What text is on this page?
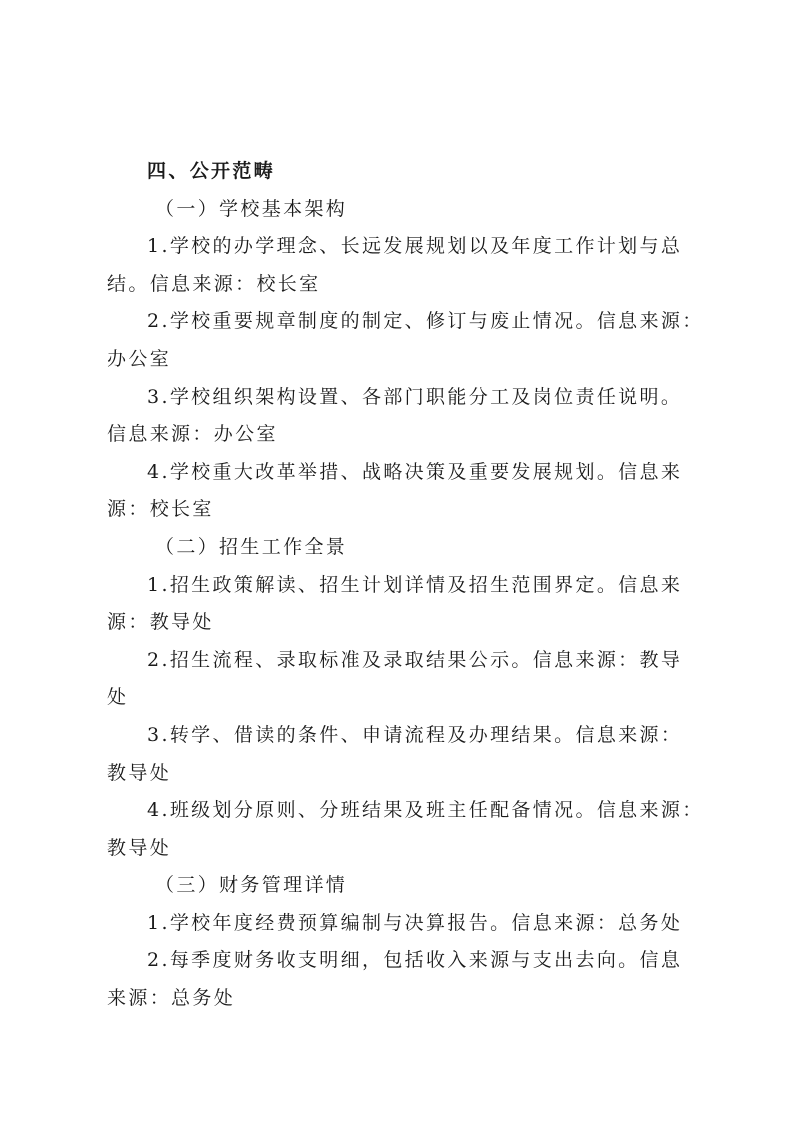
四、公开范畴
（一）学校基本架构
1.学校的办学理念、长远发展规划以及年度工作计划与总
结。信息来源：校长室
2.学校重要规章制度的制定、修订与废止情况。信息来源：
办公室
3.学校组织架构设置、各部门职能分工及岗位责任说明。
信息来源：办公室
4.学校重大改革举措、战略决策及重要发展规划。信息来
源：校长室
（二）招生工作全景
1.招生政策解读、招生计划详情及招生范围界定。信息来
源：教导处
2.招生流程、录取标准及录取结果公示。信息来源：教导
处
3.转学、借读的条件、申请流程及办理结果。信息来源：
教导处
4.班级划分原则、分班结果及班主任配备情况。信息来源：
教导处
（三）财务管理详情
1.学校年度经费预算编制与决算报告。信息来源：总务处
2.每季度财务收支明细，包括收入来源与支出去向。信息
来源：总务处
